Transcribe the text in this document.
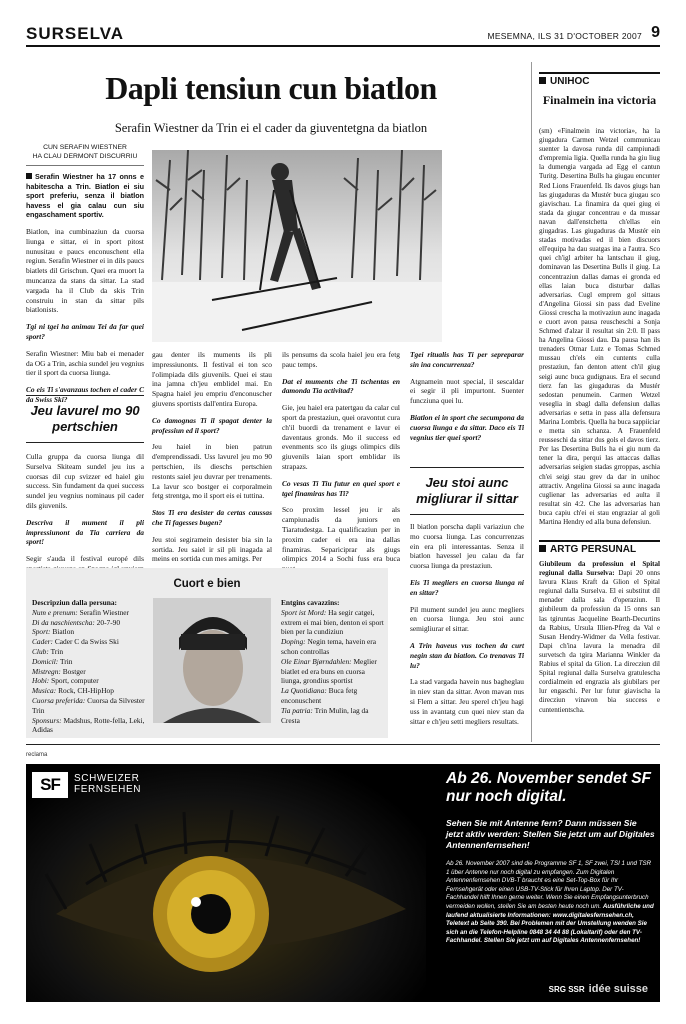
SURSELVA	MESEMNA, ILS 31 D'OCTOBER 2007 9
Dapli tensiun cun biatlon
Serafin Wiestner da Trin ei el cader da giuventetgna da biatlon
CUN SERAFIN WIESTNER
HA CLAU DERMONT DISCURRIU

Serafin Wiestner ha 17 onns e habitescha a Trin. Biatlon ei siu sport preferiu, senza il biatlon havess el gia calau cun siu engaschament sportiv.

Biatlon, ina cumbinaziun da cuorsa liunga e sittar, ei in sport pitost nunusitau e paucs enconuschent ella regiun. Serafin Wiestner ei in dils paucs biatlets dil Grischun. Quei era muort la muncanza da stans da sittar. La stad vargada ha il Club da skis Trin construiu in stan da sittar pils biatlonists.

Tgi ni tgei ha animau Tei da far quei sport?

Serafin Wiestner: Miu bab ei menader da OG a Trin, aschia sundel jeu vegnius tier il sport da cuorsa liunga.

Co eis Ti s'avanzaus tochen el cader C da Swiss Ski?

Jeu lavurel mo 90 pertschien

Culla gruppa da cuorsa liunga dil Surselva Skiteam sundel jeu ius a cuorsas dil cup svizzer ed haiel giu success. Sin fundament da quei success sundel jeu vegnius nominaus pil cader dils giuvenils.

Descriva il mument il pli impressiunont da Tia carriera da sport!

Segir s'auda il festival europé dils

gau denter ils muments ils pli impressiunonts. Il festival ei ton sco l'olimpiada dils giuvenils. Quei ei stau ina jamna ch'jeu emblidel mai. En Spagna haiel jeu empriu d'enconuscher giuvens sportists dall'entira Europa.

Co damognas Ti il spagat denter la professiun ed il sport?

Jeu haiel in bien patrun d'emprendissadi. Uss lavurel jeu mo 90 pertschien, ils dieschs pertschien restonts saiel jeu duvrar per trenaments. La lavur sco bostger ei corporalmein fetg strentga, mo il sport eis ei tuttina.

Stos Ti era desister da certas caussas che Ti fagesses bugen?

Jeu stoi segiramein desister bia sin la sortida. Jeu saiel ir sil pli inagada al meins en sortida cun mes amitgs. Per

ils pensums da scola haiel jeu era fetg pauc temps.

Dat ei muments che Ti tschentas en damonda Tia activitad?

Gie, jeu haiel era patertgau da calar cul sport da prestaziun, quei oravontut cura ch'il buordi da trenament e lavur ei daventaus gronds. Mo il success ed evenments sco ils giugs olimpics dils giuvenils laian sport emblidar ils strapazs.

Co vesas Ti Tiu futur en quei sport e tgei finamiras has Ti?

Sco proxim lessel jeu ir als campiunadis da juniors en Tiaratudestga. La qualificaziun per in proxim cader ei era ina dallas finamiras. Separiciprar als giugs olimpics 2014 a Sochi fuss era buca

Tgei ritualis has Ti per sepreparar sin ina concurrenza?

Atgnamein nuot special, il sescaldar ei segir il pli impurtont. Suenter funcziuna quei lu.

Biatlon ei in sport che secumpona da cuorsa liunga e da sittar. Daco eis Ti vegnius tier quei sport?

Jeu stoi aunc migliurar il sittar

Il biatlon porscha dapli variaziun che mo cuorsa liunga. Las concurrenzas ein era pli interessantas. Senza il biatlon havessel jeu calau da far cuorsa liunga da prestaziun.

Eis Ti megliers en cuorsa liunga ni en sittar?

Pil mument sundel jeu aunc megliers en cuorsa liunga. Jeu stoi aunc semigliurar el sittar.

A Trin haveus vus tochen da curt negin stan da biatlon. Co trenavas Ti lu?

La stad vargada havein nus bagheglau in niev stan da sittar. Avon mavan nus si Flem a sittar. Jeu sperel ch'jeu hagi uss in avantatg cun quei niev stan da sittar e ch'jeu setti megliers resultats.

Cuort e bien
Descripziun dalla persuna:
Num e prenum: Serafin Wiestner
Di da naschientscha: 20-7-90
Sport: Biatlon
Cader: Cader C da Swiss Ski
Club: Trin
Domicil: Trin
Mistregn: Bostger
Hobi: Sport, computer
Musica: Rock, CH-HipHop
Cuorsa preferida: Cuorsa da Silvester Trin
Sponsurs: Madshus, Rotte-fella, Leki, Adidas
Entgins cavazzins:
Sport ist Mord: Ha segir catgei, extrem ei mai bien, denton ei sport bien per la cundiziun
Doping: Negin tema, havein era schon controllas
Ole Einar Bjørndahlen: Meglier biatlet ed era buns en cuorsa liunga, grondius sportist
La Quotidiana: Buca fetg enconuschent
Tia patria: Trin Mulin, lag da Cresta
UNIHOC
Finalmein ina victoria

(sm) «Finalmein ina victoria», ha la giugadura Carmen Wetzel communicau suenter la davosa runda dil campiunadi d'empremia ligia. Quella runda ha giu liug la dumengia vargada ad Egg el cantun Turitg. Desertina Bulls ha giugau encunter Red Lions Frauenfeld. Ils davos giugs han las giugaduras da Mustér buca giugau sco giavischau. La finamira da quei giug ei stada da giugar concentrau e da mussar navan dall'enstchetta ch'ellas ein giugadras. Las giugaduras da Mustér ein stadas motivadas ed il bien discuors ell'equipa ha dau suatgas ina a l'autra. Sco quei ch'igl arbiter ha lantschau il giug, dominavan las Desertina Bulls il giug. La concentraziun dallas damas ei gronda ed ellas laian buca disturbar dallas adversarias. Cugl emprem gol sittaus d'Angelina Giossi sin pass dad Eveline Giossi crescha la motivaziun aunc inagada e cuort avon pausa reuscheschi a Sonja Schmed d'alzar il resultat sin 2:0. Il pass ha Angelina Giossi dau. Da pausa han ils trenaders Otmar Lutz e Tomas Schmed mussau ch'els ein cuntents culla prestaziun, fan denton attent ch'il giug seigi aunc buca gudignaus. Era el secund tierz fan las giugaduras da Mustér sedostan penumein. Carmen Wetzel veseglia in sbagl dalla defensiun dallas adversarias e setta in pass alla defensura Marina Lombris. Quella ha buca sappiiciar e metta sin schanza. A Frauenfeld reusseschi da sittar dus gols el davos tierz. Per las Desertina Bulls ha ei giu num da tener la dira, perqui las attaccas dallas adversarias seigien stadas grroppas, aschia ch'ei seigi stau grev da dar in unihoc attractiv. Angelina Giossi sa aunc inagada cuglienar las adversarias ed aulta il resultat sin 4:2. Che las adversarias han buca capiu ch'ei ei stau engraziar al goli Martina Hendry ed alla buna defensiun.

ARTG PERSUNAL

Giubileum da professiun el Spital regiunal dalla Surselva: Dapi 20 onns lavura Klaus Kraft da Glion el Spital regiunal dalla Surselva. El ei substitut dil menader dalla sala d'operaziun. Il giubileum da professiun da 15 onns san las tgiruntas Jacqueline Bearth-Decurtins da Rabius, Ursula Illien-Pfreg da Val e Susan Hendry-Widmer da Vella festivar. Dapi ch'ina lavura la menadra dil survetsch da tgira Marianna Winkler da Rabius el spital da Glion. La direcziun dil Spital regiunal dalla Surselva gratulescha cordialmein ed engrazia als giubilars per lur engaschi. Per lur futur giavischa la direcziun vinavon bia success e cuntentientscha.

reclama
SF	SCHWEIZER
FERNSEHEN
Ab 26. November sendet SF nur noch digital.
Sehen Sie mit Antenne fern? Dann müssen Sie jetzt aktiv werden: Stellen Sie jetzt um auf Digitales Antennenfernsehen!
Ab 26. November 2007 sind die Programme SF 1, SF zwei, TSI 1 und TSR 1 über Antenne nur noch digital zu empfangen. Zum Digitalen Antennenfernsehen DVB-T braucht es eine Set-Top-Box für Ihr Fernsehgerät oder einen USB-TV-Stick für Ihren Laptop. Der TV-Fachhandel hilft Ihnen gerne weiter. Wenn Sie einen Empfangsunterbruch vermeiden wollen, stellen Sie am besten heute noch um. Ausführliche und laufend aktualisierte Informationen: www.digitalesfernsehen.ch, Teletext ab Seite 390. Bei Problemen mit der Umstellung wenden Sie sich an die Telefon-Helpline 0848 34 44 88 (Lokaltarif) oder den TV-Fachhandel. Stellen Sie jetzt um auf Digitales Antennenfernsehen!
SRG SSR idée suisse
